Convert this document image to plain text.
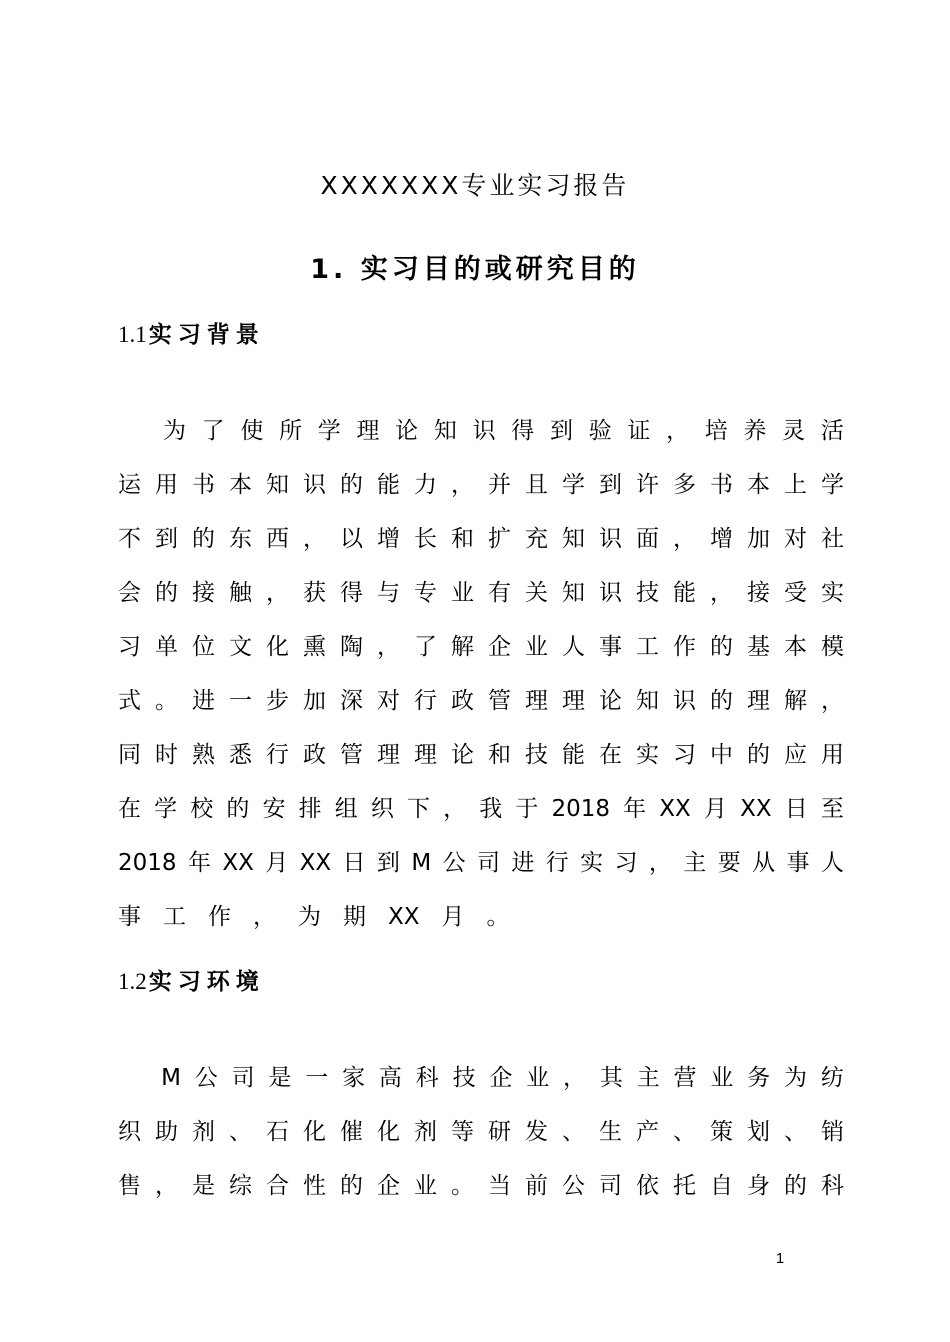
XXXXXXX专业实习报告
1. 实习目的或研究目的
1.1实习背景

为 了 使 所 学 理 论 知 识 得 到 验 证 ， 培 养 灵 活
运 用 书 本 知 识 的 能 力 ， 并 且 学 到 许 多 书 本 上 学
不 到 的 东 西 ， 以 增 长 和 扩 充 知 识 面 ， 增 加 对 社
会 的 接 触 ， 获 得 与 专 业 有 关 知 识 技 能 ， 接 受 实
习 单 位 文 化 熏 陶 ， 了 解 企 业 人 事 工 作 的 基 本 模
式 。 进 一 步 加 深 对 行 政 管 理 理 论 知 识 的 理 解 ，
同 时 熟 悉 行 政 管 理 理 论 和 技 能 在 实 习 中 的 应 用
在 学 校 的 安 排 组 织 下 ， 我 于 2018 年 XX 月 XX 日 至
2018 年 XX 月 XX 日 到 M 公 司 进 行 实 习 ， 主 要 从 事 人
事 工 作 ， 为 期 XX 月 。
1.2实习环境

M 公 司 是 一 家 高 科 技 企 业 ， 其 主 营 业 务 为 纺
织 助 剂 、 石 化 催 化 剂 等 研 发 、 生 产 、 策 划 、 销
售 ， 是 综 合 性 的 企 业 。 当 前 公 司 依 托 自 身 的 科
1
